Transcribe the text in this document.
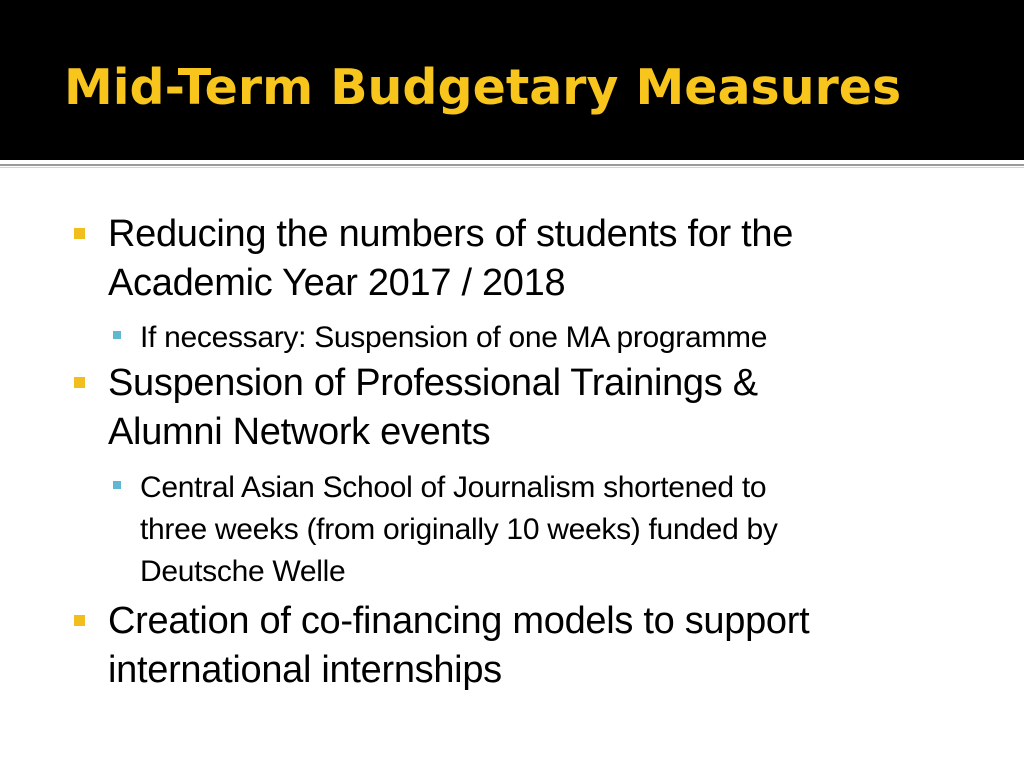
Mid-Term Budgetary Measures
Reducing the numbers of students for the
Academic Year 2017 / 2018
If necessary: Suspension of one MA programme
Suspension of Professional Trainings &
Alumni Network events
Central Asian School of Journalism shortened to
three weeks (from originally 10 weeks) funded by
Deutsche Welle
Creation of co-financing models to support
international internships
